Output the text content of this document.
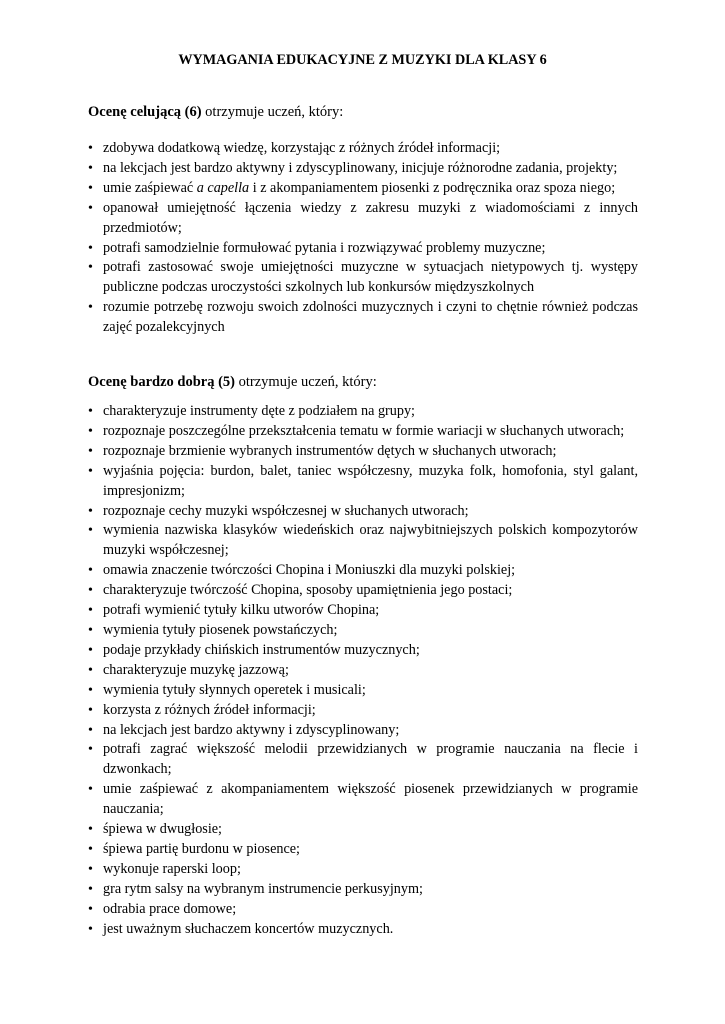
WYMAGANIA EDUKACYJNE Z MUZYKI DLA KLASY 6

Ocenę celującą (6) otrzymuje uczeń, który:

• zdobywa dodatkową wiedzę, korzystając z różnych źródeł informacji;
• na lekcjach jest bardzo aktywny i zdyscyplinowany, inicjuje różnorodne zadania, projekty;
• umie zaśpiewać a capella i z akompaniamentem piosenki z podręcznika oraz spoza niego;
• opanował umiejętność łączenia wiedzy z zakresu muzyki z wiadomościami z innych przedmiotów;
• potrafi samodzielnie formułować pytania i rozwiązywać problemy muzyczne;
• potrafi zastosować swoje umiejętności muzyczne w sytuacjach nietypowych tj. występy publiczne podczas uroczystości szkolnych lub konkursów międzyszkolnych
• rozumie potrzebę rozwoju swoich zdolności muzycznych i czyni to chętnie również podczas zajęć pozalekcyjnych

Ocenę bardzo dobrą (5) otrzymuje uczeń, który:

• charakteryzuje instrumenty dęte z podziałem na grupy;
• rozpoznaje poszczególne przekształcenia tematu w formie wariacji w słuchanych utworach;
• rozpoznaje brzmienie wybranych instrumentów dętych w słuchanych utworach;
• wyjaśnia pojęcia: burdon, balet, taniec współczesny, muzyka folk, homofonia, styl galant, impresjonizm;
• rozpoznaje cechy muzyki współczesnej w słuchanych utworach;
• wymienia nazwiska klasyków wiedeńskich oraz najwybitniejszych polskich kompozytorów muzyki współczesnej;
• omawia znaczenie twórczości Chopina i Moniuszki dla muzyki polskiej;
• charakteryzuje twórczość Chopina, sposoby upamiętnienia jego postaci;
• potrafi wymienić tytuły kilku utworów Chopina;
• wymienia tytuły piosenek powstańczych;
• podaje przykłady chińskich instrumentów muzycznych;
• charakteryzuje muzykę jazzową;
• wymienia tytuły słynnych operetek i musicali;
• korzysta z różnych źródeł informacji;
• na lekcjach jest bardzo aktywny i zdyscyplinowany;
• potrafi zagrać większość melodii przewidzianych w programie nauczania na flecie i dzwonkach;
• umie zaśpiewać z akompaniamentem większość piosenek przewidzianych w programie nauczania;
• śpiewa w dwugłosie;
• śpiewa partię burdonu w piosence;
• wykonuje raperski loop;
• gra rytm salsy na wybranym instrumencie perkusyjnym;
• odrabia prace domowe;
• jest uważnym słuchaczem koncertów muzycznych.
